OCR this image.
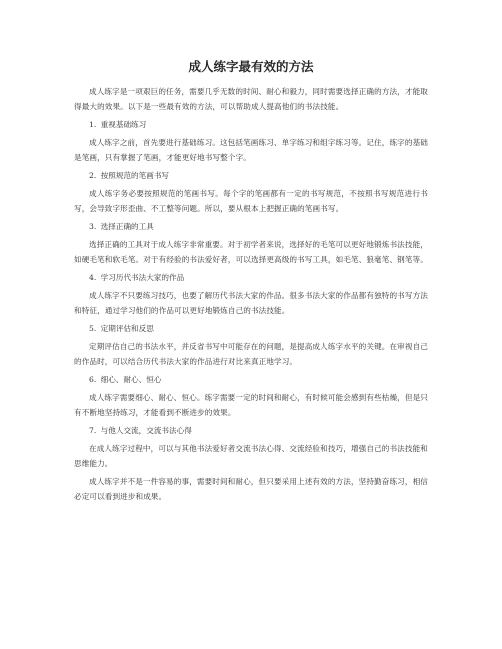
成人练字最有效的方法

成人练字是一项艰巨的任务，需要几乎无数的时间、耐心和毅力，同时需要选择正确的方法，才能取得最大的效果。以下是一些最有效的方法，可以帮助成人提高他们的书法技能。

1. 重视基础练习

成人练字之前，首先要进行基础练习。这包括笔画练习、单字练习和组字练习等。记住，练字的基础是笔画，只有掌握了笔画，才能更好地书写整个字。

2. 按照规范的笔画书写

成人练字务必要按照规范的笔画书写。每个字的笔画都有一定的书写规范，不按照书写规范进行书写，会导致字形歪曲、不工整等问题。所以，要从根本上把握正确的笔画书写。

3. 选择正确的工具

选择正确的工具对于成人练字非常重要。对于初学者来说，选择好的毛笔可以更好地锻炼书法技能，如硬毛笔和软毛笔。对于有经验的书法爱好者，可以选择更高级的书写工具，如毛笔、狼毫笔、钢笔等。

4. 学习历代书法大家的作品

成人练字不只要练习技巧，也要了解历代书法大家的作品。很多书法大家的作品都有独特的书写方法和特征，通过学习他们的作品可以更好地锻炼自己的书法技能。

5. 定期评估和反思

定期评估自己的书法水平，并反省书写中可能存在的问题，是提高成人练字水平的关键。在审视自己的作品时，可以结合历代书法大家的作品进行对比来真正地学习。

6. 细心、耐心、恒心

成人练字需要细心、耐心、恒心。练字需要一定的时间和耐心，有时候可能会感到有些枯燥，但是只有不断地坚持练习，才能看到不断进步的效果。

7. 与他人交流，交流书法心得

在成人练字过程中，可以与其他书法爱好者交流书法心得、交流经验和技巧，增强自己的书法技能和思维能力。

成人练字并不是一件容易的事，需要时间和耐心，但只要采用上述有效的方法，坚持勤奋练习，相信必定可以看到进步和成果。
